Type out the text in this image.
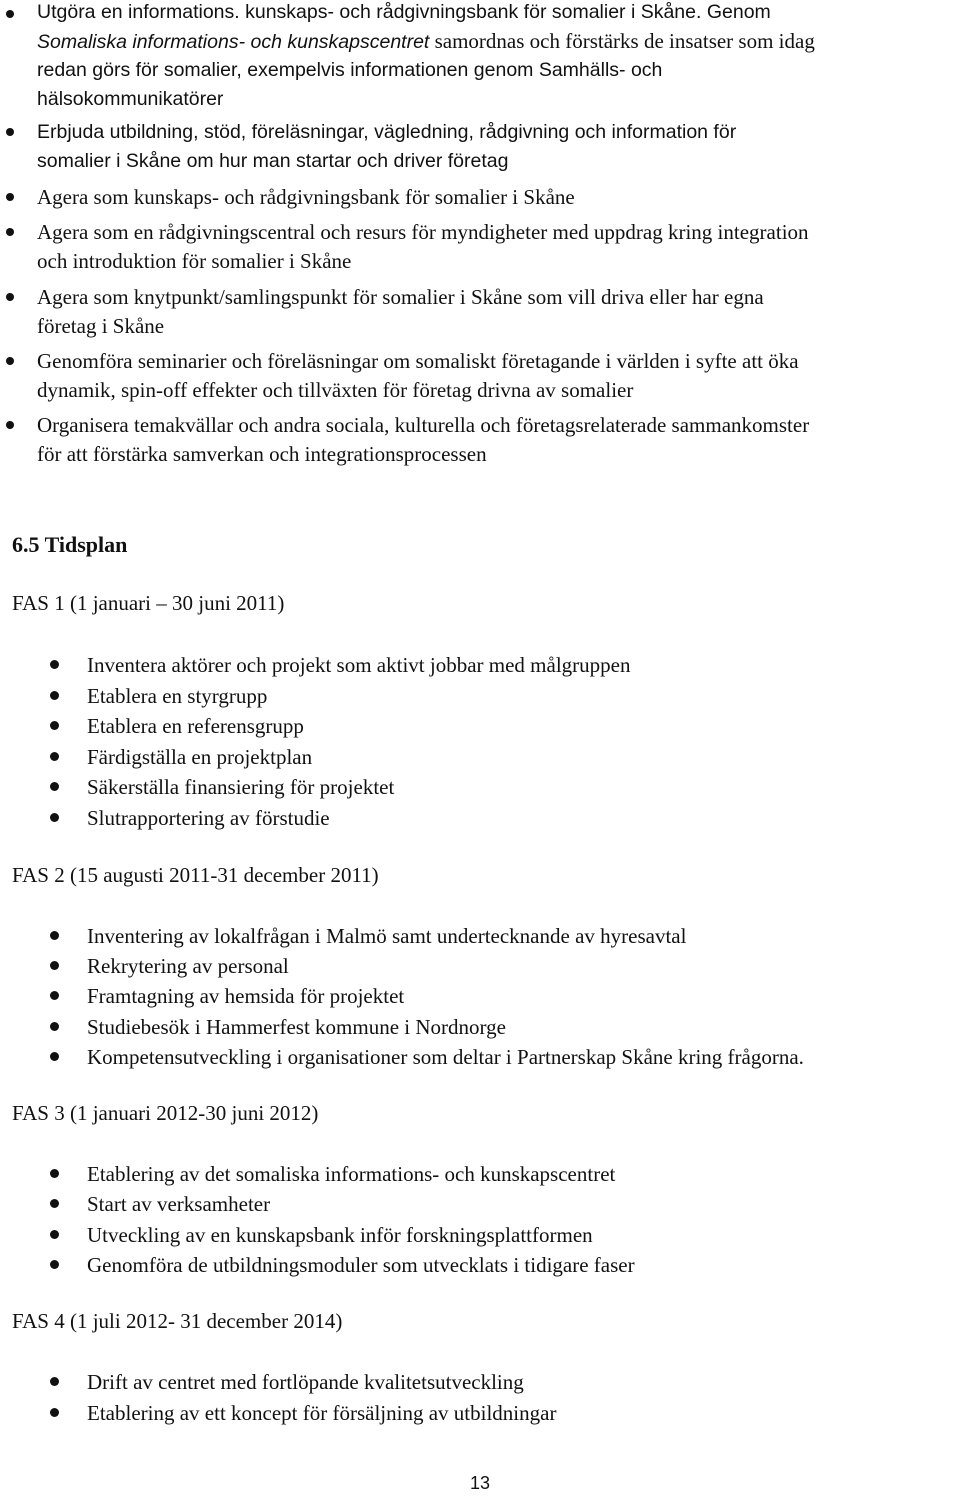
Utgöra en informations. kunskaps- och rådgivningsbank för somalier i Skåne. Genom
Somaliska informations- och kunskapscentret samordnas och förstärks de insatser som idag
redan görs för somalier, exempelvis informationen genom Samhälls- och
hälsokommunikatörer
Erbjuda utbildning, stöd, föreläsningar, vägledning, rådgivning och information för
somalier i Skåne om hur man startar och driver företag
Agera som kunskaps- och rådgivningsbank för somalier i Skåne
Agera som en rådgivningscentral och resurs för myndigheter med uppdrag kring integration
och introduktion för somalier i Skåne
Agera som knytpunkt/samlingspunkt för somalier i Skåne som vill driva eller har egna
företag i Skåne
Genomföra seminarier och föreläsningar om somaliskt företagande i världen i syfte att öka
dynamik, spin-off effekter och tillväxten för företag drivna av somalier
Organisera temakvällar och andra sociala, kulturella och företagsrelaterade sammankomster
för att förstärka samverkan och integrationsprocessen
6.5 Tidsplan
FAS 1 (1 januari – 30 juni 2011)
Inventera aktörer och projekt som aktivt jobbar med målgruppen
Etablera en styrgrupp
Etablera en referensgrupp
Färdigställa en projektplan
Säkerställa finansiering för projektet
Slutrapportering av förstudie
FAS 2 (15 augusti 2011-31 december 2011)
Inventering av lokalfrågan i Malmö samt undertecknande av hyresavtal
Rekrytering av personal
Framtagning av hemsida för projektet
Studiebesök i Hammerfest kommune i Nordnorge
Kompetensutveckling i organisationer som deltar i Partnerskap Skåne kring frågorna.
FAS 3 (1 januari 2012-30 juni 2012)
Etablering av det somaliska informations- och kunskapscentret
Start av verksamheter
Utveckling av en kunskapsbank inför forskningsplattformen
Genomföra de utbildningsmoduler som utvecklats i tidigare faser
FAS 4 (1 juli 2012- 31 december 2014)
Drift av centret med fortlöpande kvalitetsutveckling
Etablering av ett koncept för försäljning av utbildningar
13
